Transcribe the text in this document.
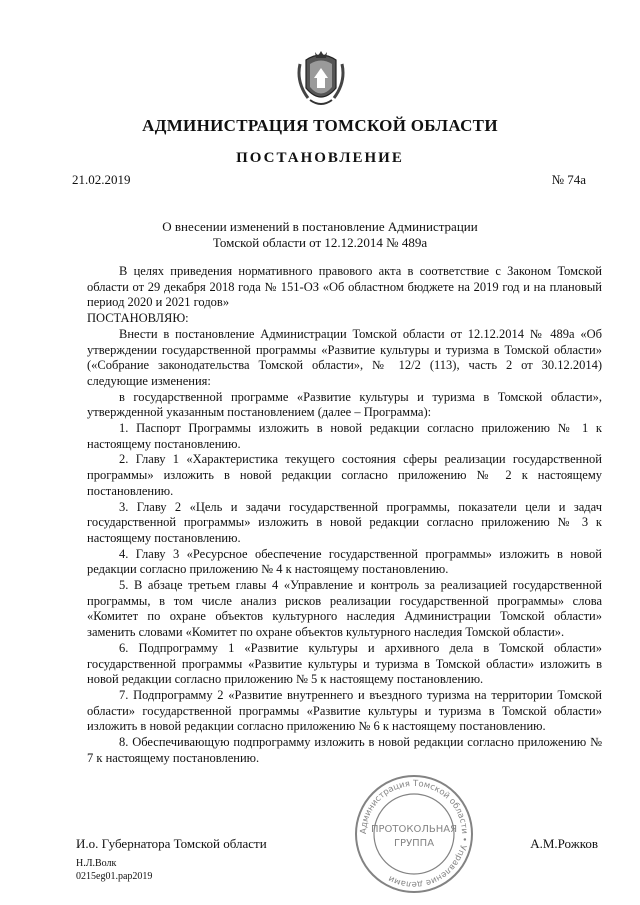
АДМИНИСТРАЦИЯ ТОМСКОЙ ОБЛАСТИ
ПОСТАНОВЛЕНИЕ
21.02.2019	№ 74а
О внесении изменений в постановление Администрации
Томской области от 12.12.2014 № 489а

В целях приведения нормативного правового акта в соответствие с Законом Томской области от 29 декабря 2018 года № 151-ОЗ «Об областном бюджете на 2019 год и на плановый период 2020 и 2021 годов»

ПОСТАНОВЛЯЮ:

Внести в постановление Администрации Томской области от 12.12.2014 № 489а «Об утверждении государственной программы «Развитие культуры и туризма в Томской области» («Собрание законодательства Томской области», № 12/2 (113), часть 2 от 30.12.2014) следующие изменения:

в государственной программе «Развитие культуры и туризма в Томской области», утвержденной указанным постановлением (далее – Программа):

1. Паспорт Программы изложить в новой редакции согласно приложению № 1 к настоящему постановлению.

2. Главу 1 «Характеристика текущего состояния сферы реализации государственной программы» изложить в новой редакции согласно приложению № 2 к настоящему постановлению.

3. Главу 2 «Цель и задачи государственной программы, показатели цели и задач государственной программы» изложить в новой редакции согласно приложению № 3 к настоящему постановлению.

4. Главу 3 «Ресурсное обеспечение государственной программы» изложить в новой редакции согласно приложению № 4 к настоящему постановлению.

5. В абзаце третьем главы 4 «Управление и контроль за реализацией государственной программы, в том числе анализ рисков реализации государственной программы» слова «Комитет по охране объектов культурного наследия Администрации Томской области» заменить словами «Комитет по охране объектов культурного наследия Томской области».

6. Подпрограмму 1 «Развитие культуры и архивного дела в Томской области» государственной программы «Развитие культуры и туризма в Томской области» изложить в новой редакции согласно приложению № 5 к настоящему постановлению.

7. Подпрограмму 2 «Развитие внутреннего и въездного туризма на территории Томской области» государственной программы «Развитие культуры и туризма в Томской области» изложить в новой редакции согласно приложению № 6 к настоящему постановлению.

8. Обеспечивающую подпрограмму изложить в новой редакции согласно приложению № 7 к настоящему постановлению.

И.о. Губернатора Томской области	А.М.Рожков
Н.Л.Волк
0215eg01.pap2019
Администрация Томской области • Управление делами
ПРОТОКОЛЬНАЯ
ГРУППА
